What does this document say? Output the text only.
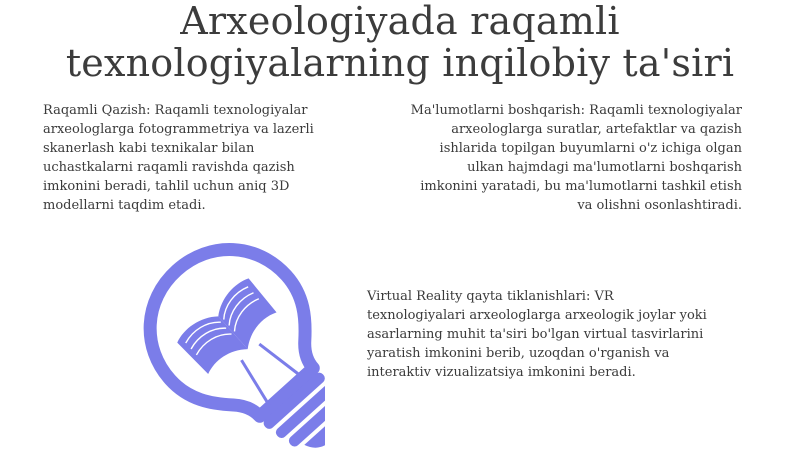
Arxeologiyada raqamli
texnologiyalarning inqilobiy ta'siri
Raqamli Qazish: Raqamli texnologiyalar
arxeologlarga fotogrammetriya va lazerli
skanerlash kabi texnikalar bilan
uchastkalarni raqamli ravishda qazish
imkonini beradi, tahlil uchun aniq 3D
modellarni taqdim etadi.
Ma'lumotlarni boshqarish: Raqamli texnologiyalar
arxeologlarga suratlar, artefaktlar va qazish
ishlarida topilgan buyumlarni o'z ichiga olgan
ulkan hajmdagi ma'lumotlarni boshqarish
imkonini yaratadi, bu ma'lumotlarni tashkil etish
va olishni osonlashtiradi.
Virtual Reality qayta tiklanishlari: VR
texnologiyalari arxeologlarga arxeologik joylar yoki
asarlarning muhit ta'siri bo'lgan virtual tasvirlarini
yaratish imkonini berib, uzoqdan o'rganish va
interaktiv vizualizatsiya imkonini beradi.
